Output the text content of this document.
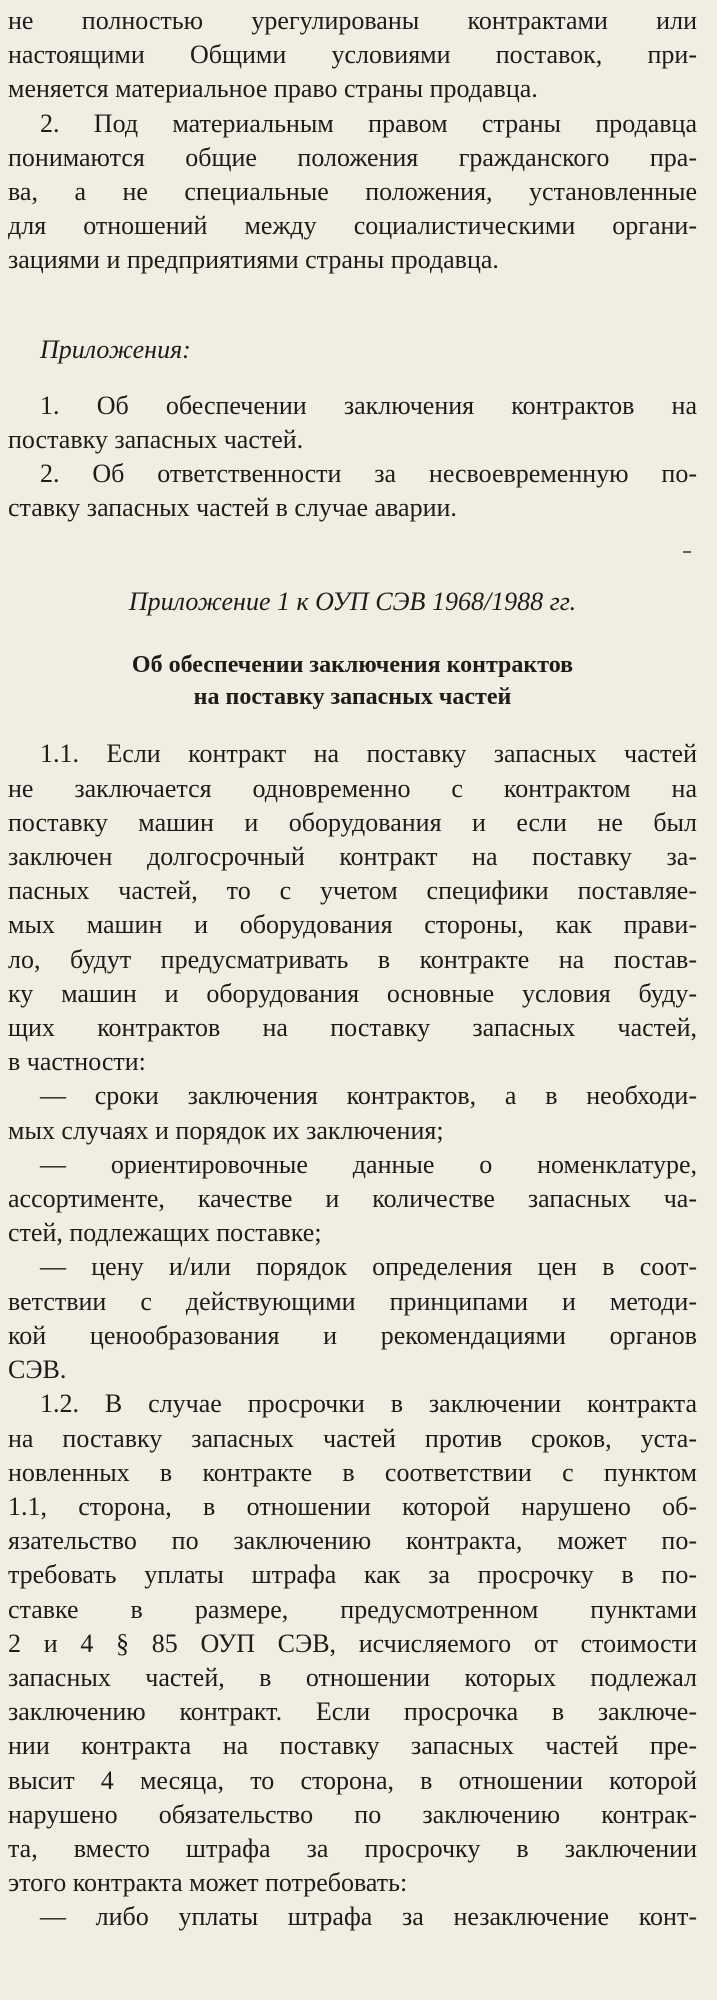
не полностью урегулированы контрактами или
настоящими Общими условиями поставок, при-
меняется материальное право страны продавца.
2. Под материальным правом страны продавца
понимаются общие положения гражданского пра-
ва, а не специальные положения, установленные
для отношений между социалистическими органи-
зациями и предприятиями страны продавца.
Приложения:
1. Об обеспечении заключения контрактов на
поставку запасных частей.
2. Об ответственности за несвоевременную по-
ставку запасных частей в случае аварии.
Приложение 1 к ОУП СЭВ 1968/1988 гг.
Об обеспечении заключения контрактов
на поставку запасных частей
1.1. Если контракт на поставку запасных частей
не заключается одновременно с контрактом на
поставку машин и оборудования и если не был
заключен долгосрочный контракт на поставку за-
пасных частей, то с учетом специфики поставляе-
мых машин и оборудования стороны, как прави-
ло, будут предусматривать в контракте на постав-
ку машин и оборудования основные условия буду-
щих контрактов на поставку запасных частей,
в частности:
— сроки заключения контрактов, а в необходи-
мых случаях и порядок их заключения;
— ориентировочные данные о номенклатуре,
ассортименте, качестве и количестве запасных ча-
стей, подлежащих поставке;
— цену и/или порядок определения цен в соот-
ветствии с действующими принципами и методи-
кой ценообразования и рекомендациями органов
СЭВ.
1.2. В случае просрочки в заключении контракта
на поставку запасных частей против сроков, уста-
новленных в контракте в соответствии с пунктом
1.1, сторона, в отношении которой нарушено об-
язательство по заключению контракта, может по-
требовать уплаты штрафа как за просрочку в по-
ставке в размере, предусмотренном пунктами
2 и 4 § 85 ОУП СЭВ, исчисляемого от стоимости
запасных частей, в отношении которых подлежал
заключению контракт. Если просрочка в заключе-
нии контракта на поставку запасных частей пре-
высит 4 месяца, то сторона, в отношении которой
нарушено обязательство по заключению контрак-
та, вместо штрафа за просрочку в заключении
этого контракта может потребовать:
— либо уплаты штрафа за незаключение конт-
